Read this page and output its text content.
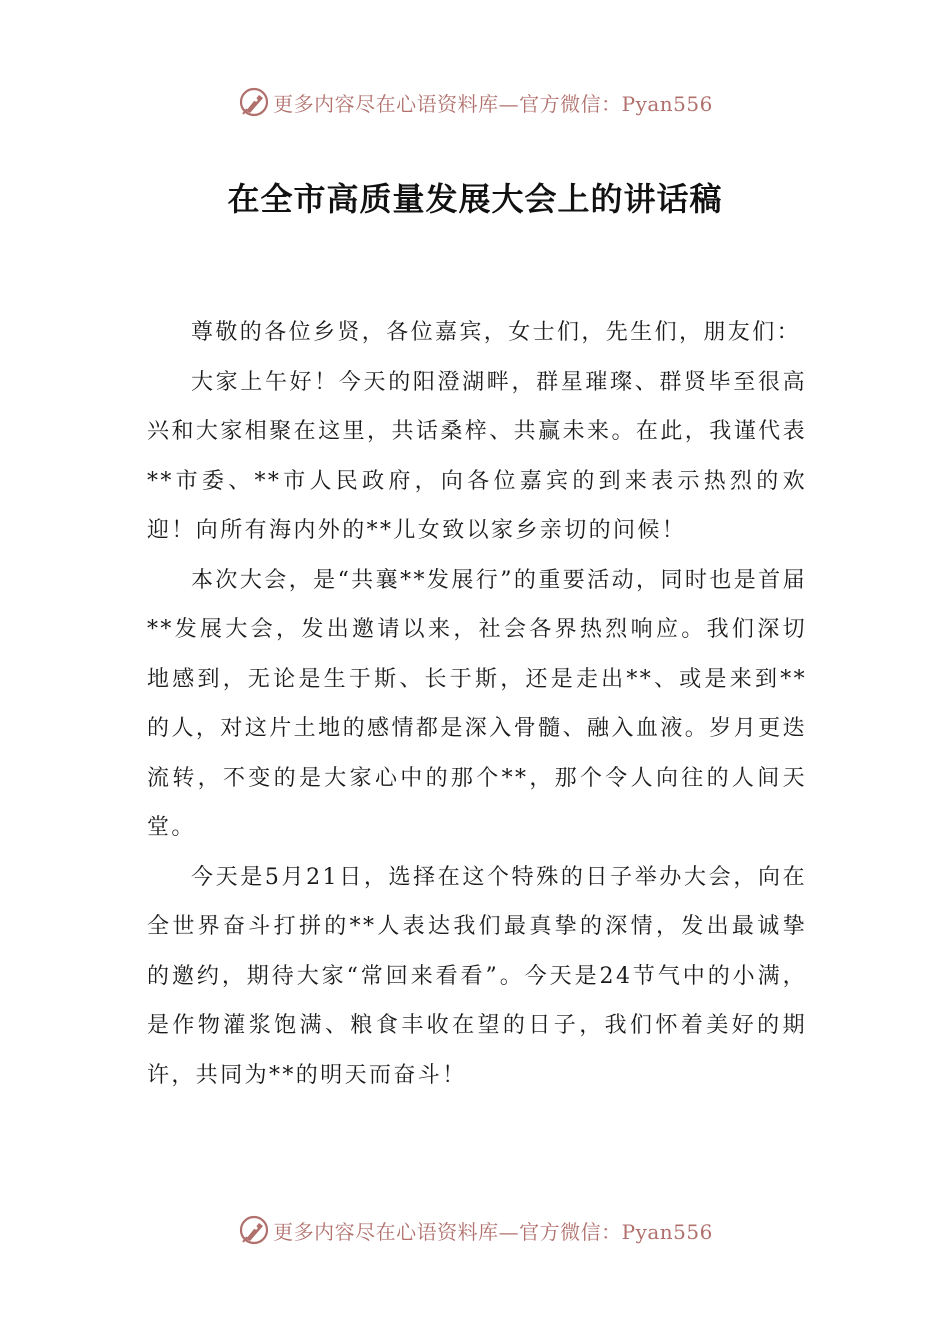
更多内容尽在心语资料库—官方微信：Pyan556
在全市高质量发展大会上的讲话稿

尊敬的各位乡贤，各位嘉宾，女士们，先生们，朋友们：

大家上午好！今天的阳澄湖畔，群星璀璨、群贤毕至很高兴和大家相聚在这里，共话桑梓、共赢未来。在此，我谨代表**市委、**市人民政府，向各位嘉宾的到来表示热烈的欢迎！向所有海内外的**儿女致以家乡亲切的问候！

本次大会，是“共襄**发展行”的重要活动，同时也是首届**发展大会，发出邀请以来，社会各界热烈响应。我们深切地感到，无论是生于斯、长于斯，还是走出**、或是来到**的人，对这片土地的感情都是深入骨髓、融入血液。岁月更迭流转，不变的是大家心中的那个**，那个令人向往的人间天堂。

今天是5月21日，选择在这个特殊的日子举办大会，向在全世界奋斗打拼的**人表达我们最真挚的深情，发出最诚挚的邀约，期待大家“常回来看看”。今天是24节气中的小满，是作物灌浆饱满、粮食丰收在望的日子，我们怀着美好的期许，共同为**的明天而奋斗！

更多内容尽在心语资料库—官方微信：Pyan556
